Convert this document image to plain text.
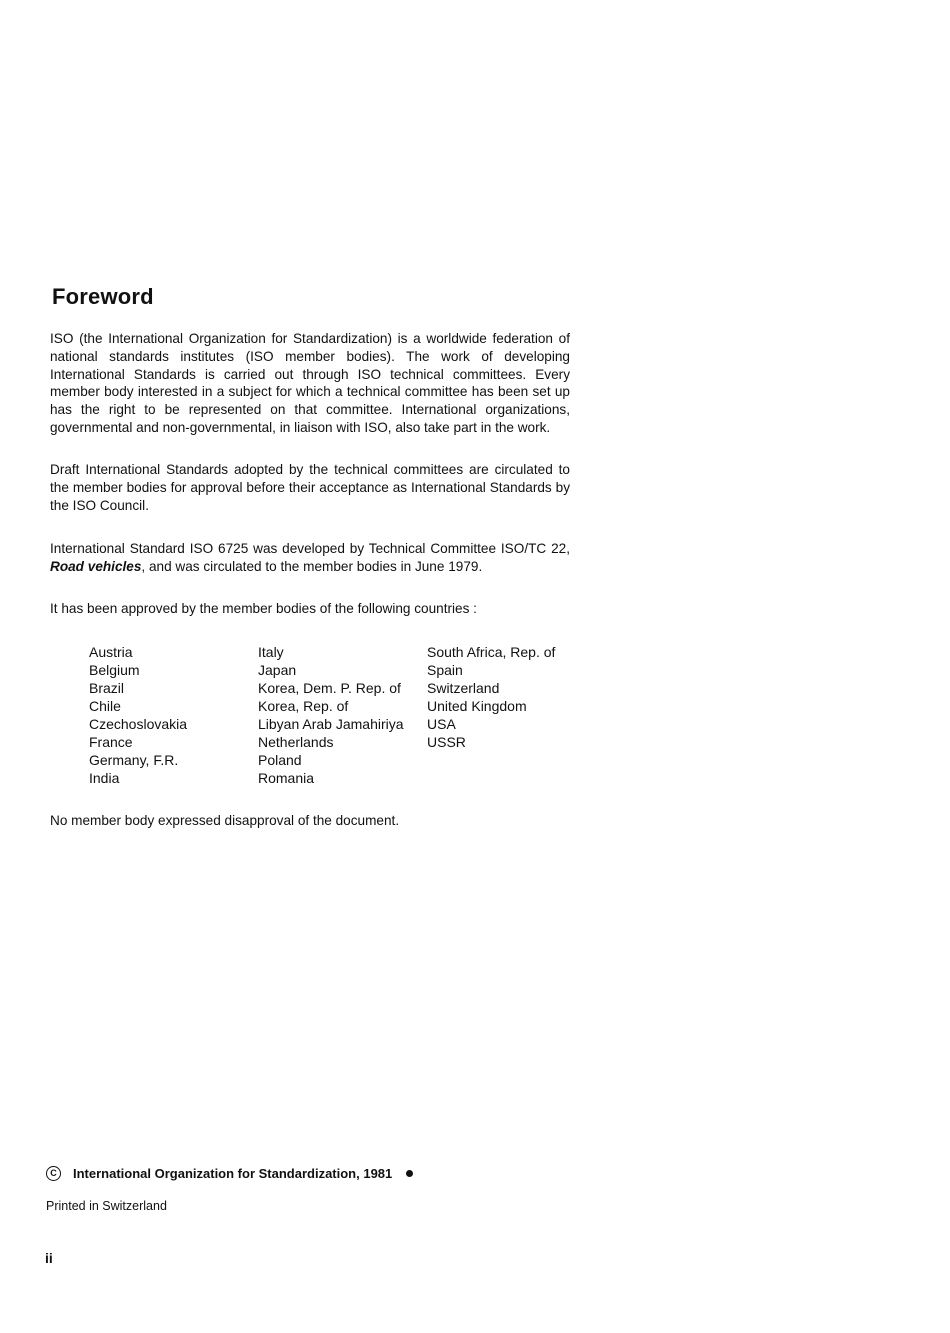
Foreword

ISO (the International Organization for Standardization) is a worldwide federation of national standards institutes (ISO member bodies). The work of developing International Standards is carried out through ISO technical committees. Every member body interested in a subject for which a technical committee has been set up has the right to be represented on that committee. International organizations, governmental and non-governmental, in liaison with ISO, also take part in the work.

Draft International Standards adopted by the technical committees are circulated to the member bodies for approval before their acceptance as International Standards by the ISO Council.

International Standard ISO 6725 was developed by Technical Committee ISO/TC 22, Road vehicles, and was circulated to the member bodies in June 1979.

It has been approved by the member bodies of the following countries :

Austria
Belgium
Brazil
Chile
Czechoslovakia
France
Germany, F.R.
India
Italy
Japan
Korea, Dem. P. Rep. of
Korea, Rep. of
Libyan Arab Jamahiriya
Netherlands
Poland
Romania
South Africa, Rep. of
Spain
Switzerland
United Kingdom
USA
USSR

No member body expressed disapproval of the document.

C	International Organization for Standardization, 1981
Printed in Switzerland
ii
